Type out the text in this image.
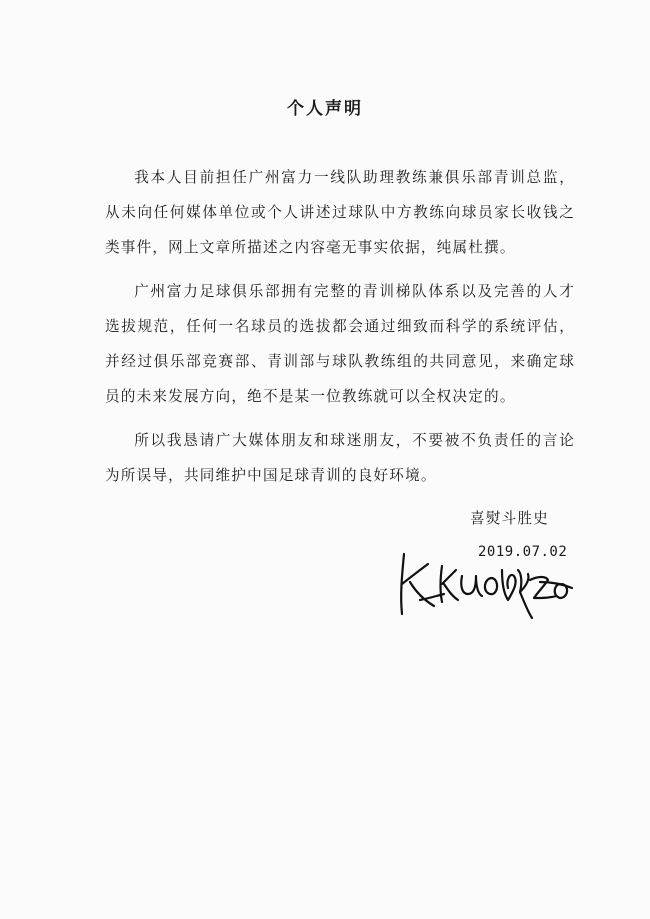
个人声明

我本人目前担任广州富力一线队助理教练兼俱乐部青训总监，从未向任何媒体单位或个人讲述过球队中方教练向球员家长收钱之类事件，网上文章所描述之内容毫无事实依据，纯属杜撰。

广州富力足球俱乐部拥有完整的青训梯队体系以及完善的人才选拔规范，任何一名球员的选拔都会通过细致而科学的系统评估，并经过俱乐部竞赛部、青训部与球队教练组的共同意见，来确定球员的未来发展方向，绝不是某一位教练就可以全权决定的。

所以我恳请广大媒体朋友和球迷朋友，不要被不负责任的言论为所误导，共同维护中国足球青训的良好环境。

喜熨斗胜史
2019.07.02
